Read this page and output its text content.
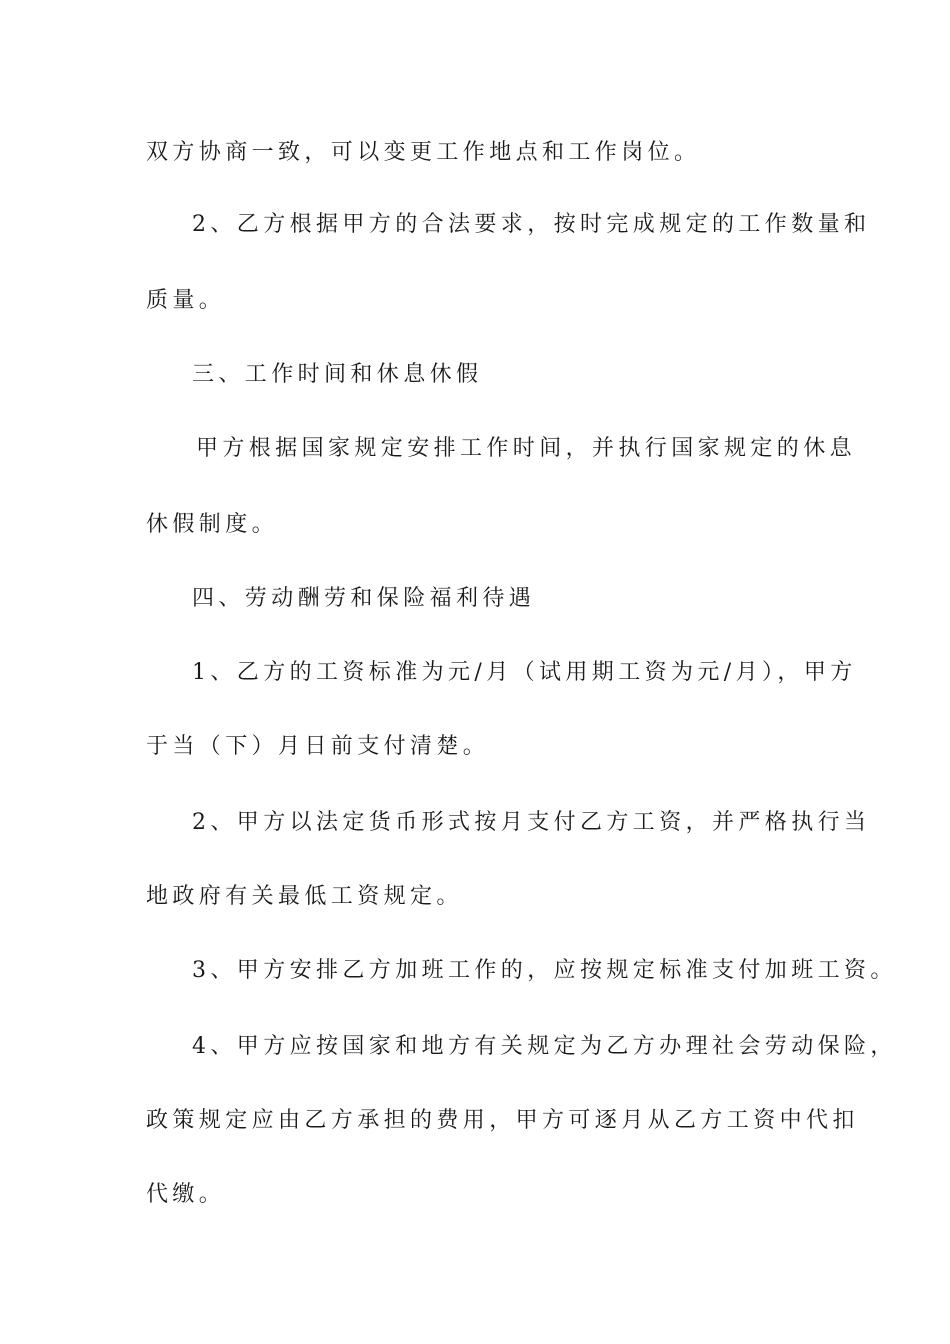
双方协商一致，可以变更工作地点和工作岗位。
2、乙方根据甲方的合法要求，按时完成规定的工作数量和
质量。
三、工作时间和休息休假
甲方根据国家规定安排工作时间，并执行国家规定的休息
休假制度。
四、劳动酬劳和保险福利待遇
1、乙方的工资标准为元/月（试用期工资为元/月），甲方
于当（下）月日前支付清楚。
2、甲方以法定货币形式按月支付乙方工资，并严格执行当
地政府有关最低工资规定。
3、甲方安排乙方加班工作的，应按规定标准支付加班工资。
4、甲方应按国家和地方有关规定为乙方办理社会劳动保险，
政策规定应由乙方承担的费用，甲方可逐月从乙方工资中代扣
代缴。
